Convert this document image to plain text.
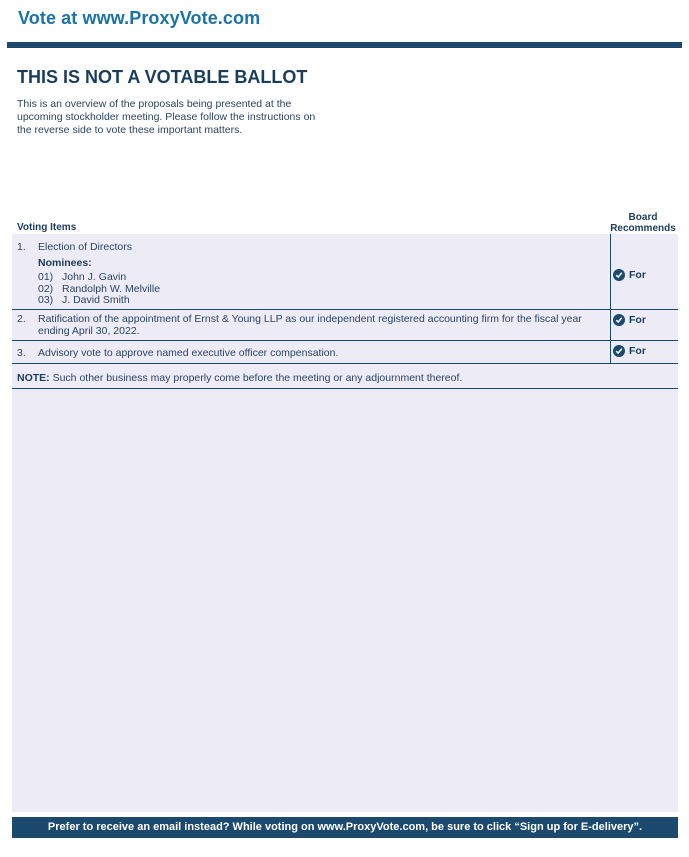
Vote at www.ProxyVote.com
THIS IS NOT A VOTABLE BALLOT
This is an overview of the proposals being presented at the
upcoming stockholder meeting. Please follow the instructions on
the reverse side to vote these important matters.
Voting Items
Board
Recommends
1. Election of Directors
Nominees:
01) John J. Gavin
02) Randolph W. Melville
03) J. David Smith
For
2. Ratification of the appointment of Ernst & Young LLP as our independent registered accounting firm for the fiscal year
ending April 30, 2022.
For
3. Advisory vote to approve named executive officer compensation.	For
NOTE: Such other business may properly come before the meeting or any adjournment thereof.
Prefer to receive an email instead? While voting on www.ProxyVote.com, be sure to click “Sign up for E-delivery”.
